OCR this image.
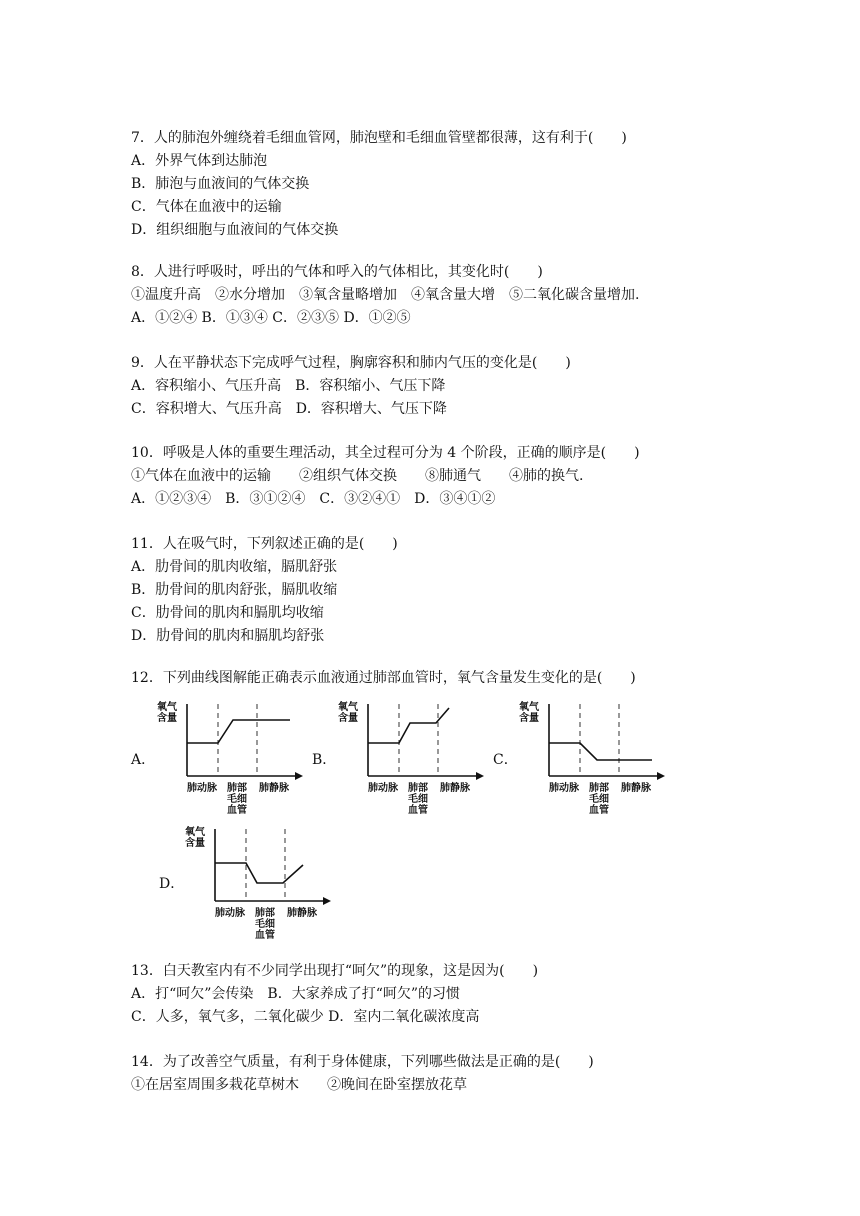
7．人的肺泡外缠绕着毛细血管网，肺泡壁和毛细血管壁都很薄，这有利于(　　)
A．外界气体到达肺泡
B．肺泡与血液间的气体交换
C．气体在血液中的运输
D．组织细胞与血液间的气体交换
8．人进行呼吸时，呼出的气体和呼入的气体相比，其变化时(　　)
①温度升高　②水分增加　③氧含量略增加　④氧含量大增　⑤二氧化碳含量增加.
A．①②④ B．①③④ C．②③⑤ D．①②⑤
9．人在平静状态下完成呼气过程，胸廓容积和肺内气压的变化是(　　)
A．容积缩小、气压升高　B．容积缩小、气压下降
C．容积增大、气压升高　D．容积增大、气压下降
10．呼吸是人体的重要生理活动，其全过程可分为 4 个阶段，正确的顺序是(　　)
①气体在血液中的运输　　②组织气体交换　　⑧肺通气　　④肺的换气.
A．①②③④　B．③①②④　C．③②④①　D．③④①②
11．人在吸气时，下列叙述正确的是(　　)
A．肋骨间的肌肉收缩，膈肌舒张
B．肋骨间的肌肉舒张，膈肌收缩
C．肋骨间的肌肉和膈肌均收缩
D．肋骨间的肌肉和膈肌均舒张
12．下列曲线图解能正确表示血液通过肺部血管时，氧气含量发生变化的是(　　)
A．	B．	C．
D．
氧气
含量
肺动脉 肺部
毛细
血管
肺静脉
氧气
含量
肺动脉 肺部
毛细
血管
肺静脉
氧气
含量
肺动脉 肺部
毛细
血管
肺静脉
氧气
含量
肺动脉 肺部
毛细
血管
肺静脉
13．白天教室内有不少同学出现打“呵欠”的现象，这是因为(　　)
A．打“呵欠”会传染　B．大家养成了打“呵欠”的习惯
C．人多，氧气多，二氧化碳少 D．室内二氧化碳浓度高
14．为了改善空气质量，有利于身体健康，下列哪些做法是正确的是(　　)
①在居室周围多栽花草树木　　②晚间在卧室摆放花草
